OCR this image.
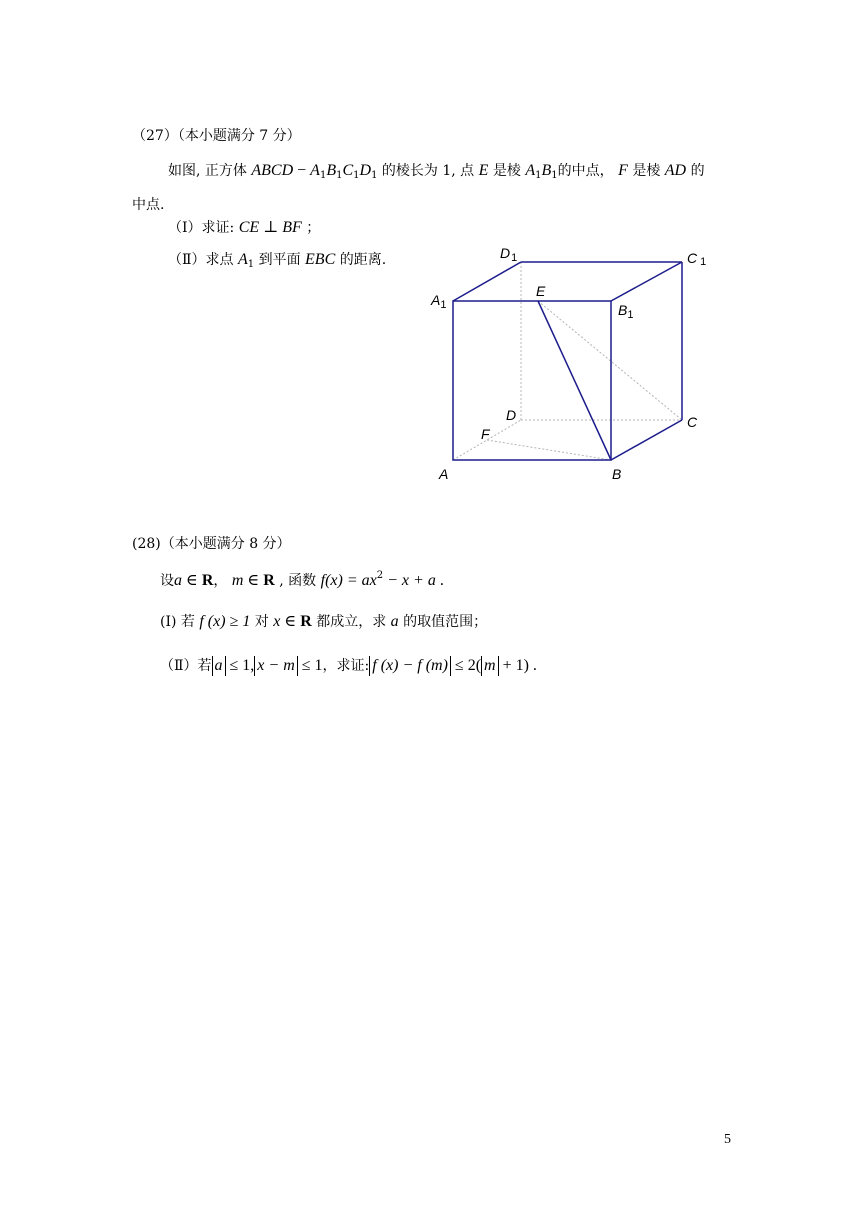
（27）（本小题满分 7 分）
如图, 正方体 ABCD − $A_1B_1C_1D_1$ 的棱长为 1, 点 E 是棱 $A_1B_1$的中点， F 是棱 AD 的
中点.
（Ⅰ）求证: CE ⊥ BF ；
（Ⅱ）求点 $A_1$ 到平面 EBC 的距离.	$D_1$	C 1
$A_1$
E
$B_1$
D	C
F
A	B
(28)（本小题满分 8 分）
设a ∈ R， m ∈ R , 函数 $f(x) = ax^2 - x + a$ .
(Ⅰ) 若 f (x) ≥ 1 对 x ∈ R 都成立，求 a 的取值范围；
（Ⅱ）若 a ≤ 1, x − m ≤ 1，求证: f (x) − f (m) ≤ 2( m + 1) .
5
